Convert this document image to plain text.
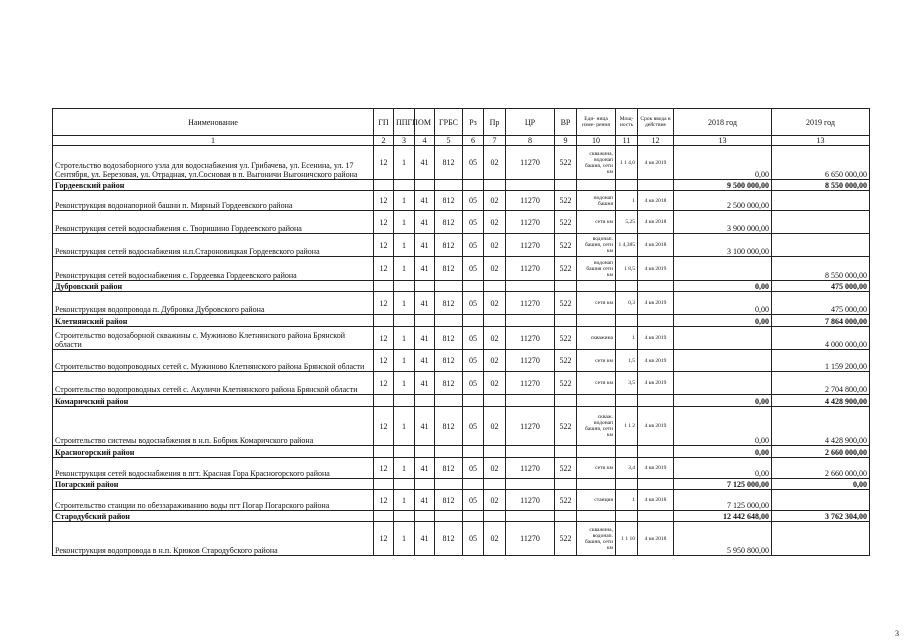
Наименование	ГП	ППГП	ОМ	ГРБС	Рз	Пр	ЦР	ВР	Еди- ница изме- рения	Мощ- ность	Срок ввода в действие	2018 год	2019 год
1	2	3	4	5	6	7	8	9	10	11	12	13	13
Стротельство водозаборного узла для водоснабжения ул. Грибачева, ул. Есенина, ул. 17 Сентября, ул. Березовая, ул. Отрадная, ул.Сосновая в п. Выгоничи Выгоничского района	12	1	41	812	05	02	11270	522	скважина, водонап башня, сети км	1 1 4,0	4 кв 2019	0,00	6 650 000,00
Гордеевский район												9 500 000,00	8 550 000,00
Реконструкция водонапорной башни п. Мирный Гордеевского района	12	1	41	812	05	02	11270	522	водонап башня	1	4 кв 2018	2 500 000,00	
Реконструкция сетей водоснабжения с. Творишино Гордеевского района	12	1	41	812	05	02	11270	522	сети км	5,25	4 кв 2018	3 900 000,00	
Реконструкция сетей водоснабжения н.п.Староновицкая Гордеевского района	12	1	41	812	05	02	11270	522	водонап. башня, сети км	1 4,385	4 кв 2018	3 100 000,00	
Реконструкция сетей водоснабжения с. Гордеевка Гордеевского района	12	1	41	812	05	02	11270	522	водонап башня сети км	1 8,5	4 кв 2019		8 550 000,00
Дубровский район												0,00	475 000,00
Реконструкция водопровода п. Дубровка Дубровского района	12	1	41	812	05	02	11270	522	сети км	0,3	4 кв 2019	0,00	475 000,00
Клетнянский район												0,00	7 864 000,00
Строительство водозаборной скважины с. Мужиново Клетнянского района Брянской области	12	1	41	812	05	02	11270	522	скважина	1	4 кв 2019		4 000 000,00
Строительство водопроводных сетей с. Мужиново Клетнянского района Брянской области	12	1	41	812	05	02	11270	522	сети км	1,5	4 кв 2019		1 159 200,00
Строительство водопроводных сетей с. Акуличи Клетнянского района Брянской области	12	1	41	812	05	02	11270	522	сети км	3,5	4 кв 2019		2 704 800,00
Комаричский район												0,00	4 428 900,00
Строительство системы водоснабжения в н.п. Бобрик Комаричского района	12	1	41	812	05	02	11270	522	скваж. водонап башня, сети км	1 1 2	4 кв 2019	0,00	4 428 900,00
Красногорский район												0,00	2 660 000,00
Реконструкция сетей водоснабжения в пгт. Красная Гора Красногорского района	12	1	41	812	05	02	11270	522	сети км	3,4	4 кв 2019	0,00	2 660 000,00
Погарский район												7 125 000,00	0,00
Строительство станции по обеззараживанию воды пгт Погар Погарского района	12	1	41	812	05	02	11270	522	станция	1	4 кв 2018	7 125 000,00	
Стародубский район												12 442 648,00	3 762 304,00
Реконструкция водопровода в н.п. Крюков Стародубского района	12	1	41	812	05	02	11270	522	скважина, водонап. башня, сети км	1 1 10	4 кв 2018	5 950 800,00	
3
